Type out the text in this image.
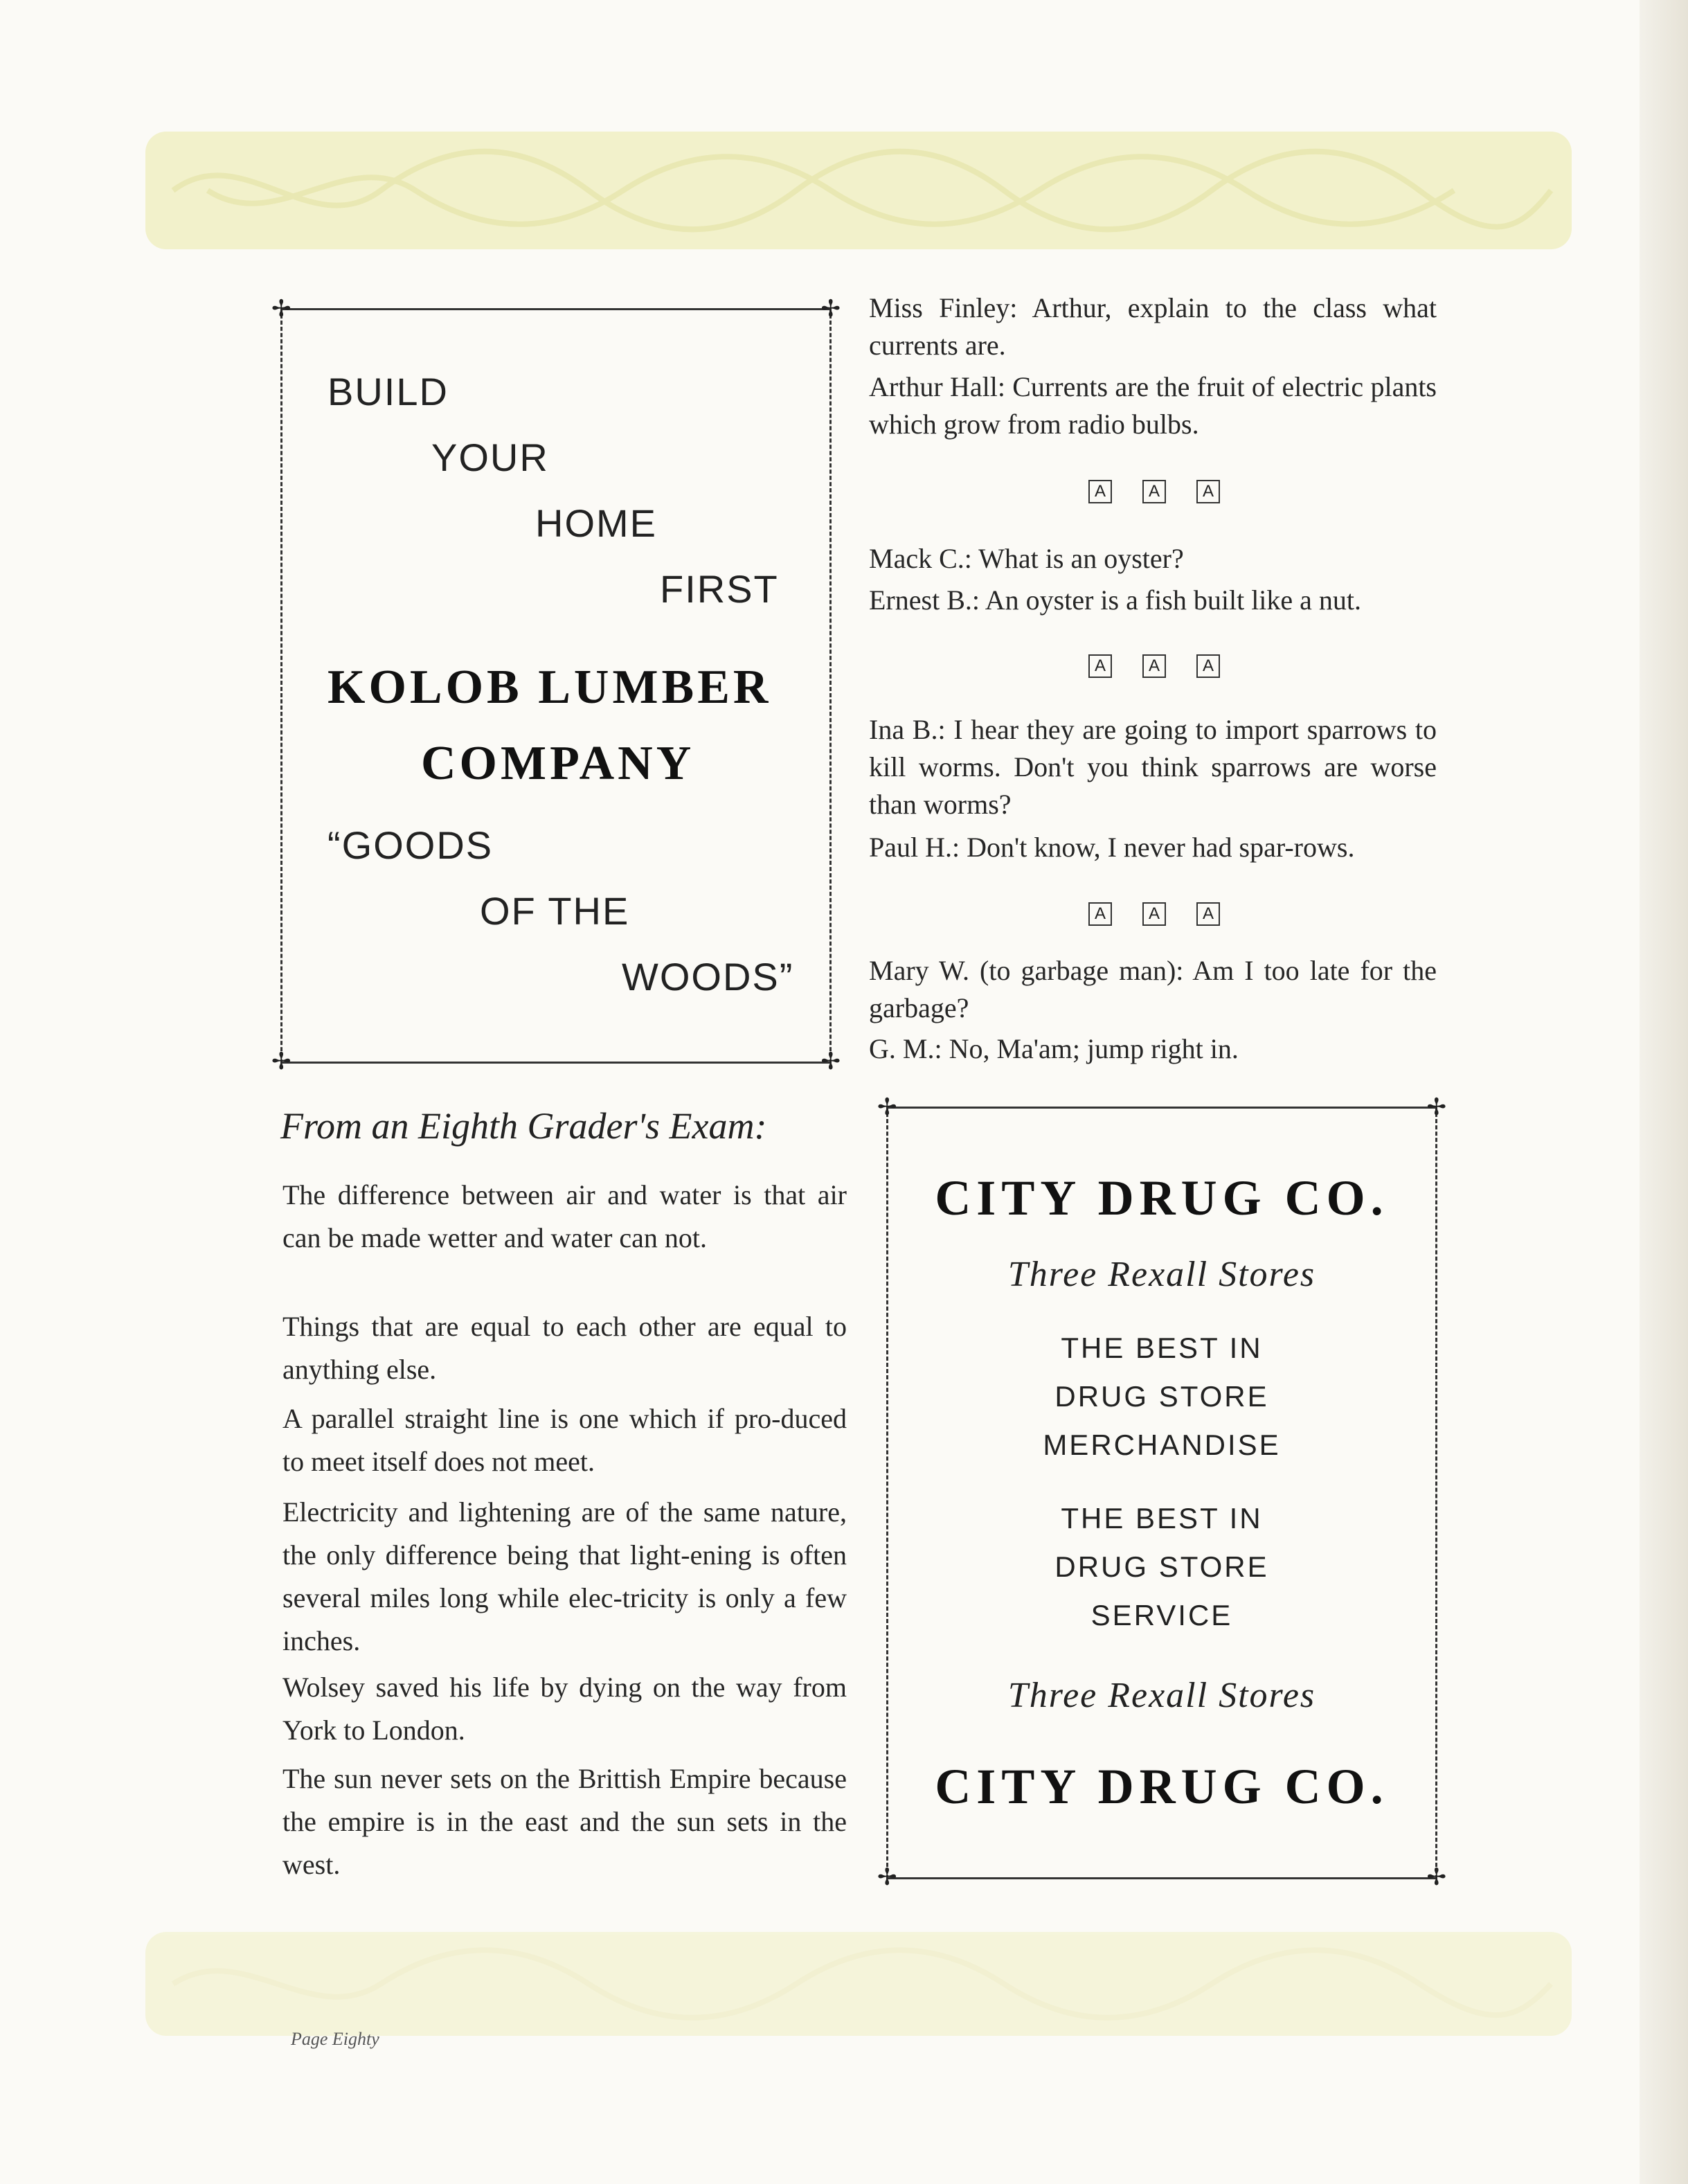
✢	✢
✢	✢
BUILD
YOUR
HOME
FIRST
KOLOB LUMBER
COMPANY
“GOODS
OF THE
WOODS”
Miss Finley: Arthur, explain to the class what currents are.
Arthur Hall: Currents are the fruit of electric plants which grow from radio bulbs.
A	A	A
Mack C.: What is an oyster?
Ernest B.: An oyster is a fish built like a nut.
A	A	A
Ina B.: I hear they are going to import sparrows to kill worms. Don't you think sparrows are worse than worms?
Paul H.: Don't know, I never had spar-rows.
A	A	A
Mary W. (to garbage man): Am I too late for the garbage?
G. M.: No, Ma'am; jump right in.
From an Eighth Grader's Exam:
The difference between air and water is that air can be made wetter and water can not.
Things that are equal to each other are equal to anything else.
A parallel straight line is one which if pro-duced to meet itself does not meet.
Electricity and lightening are of the same nature, the only difference being that light-ening is often several miles long while elec-tricity is only a few inches.
Wolsey saved his life by dying on the way from York to London.
The sun never sets on the Brittish Empire because the empire is in the east and the sun sets in the west.
✢	✢
✢	✢
CITY DRUG CO.
Three Rexall Stores
THE BEST IN
DRUG STORE
MERCHANDISE
THE BEST IN
DRUG STORE
SERVICE
Three Rexall Stores
CITY DRUG CO.
Page Eighty
